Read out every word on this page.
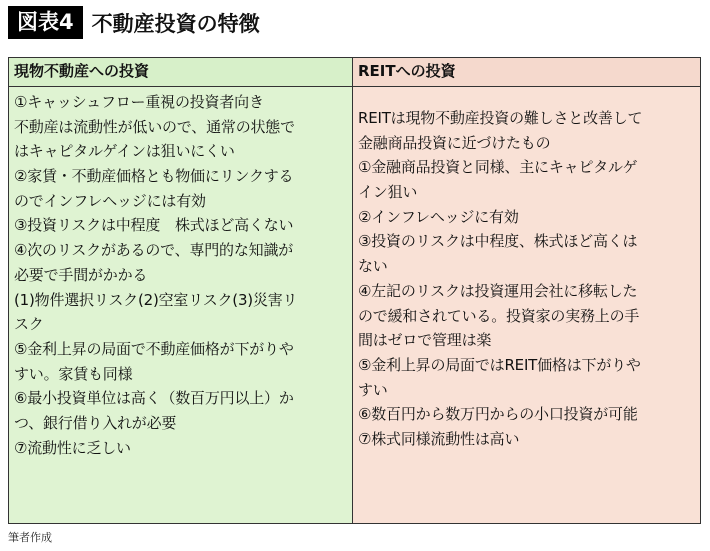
図表4 不動産投資の特徴
現物不動産への投資	REITへの投資
①キャッシュフロー重視の投資者向き
不動産は流動性が低いので、通常の状態で
はキャピタルゲインは狙いにくい
②家賃・不動産価格とも物価にリンクする
のでインフレヘッジには有効
③投資リスクは中程度　株式ほど高くない
④次のリスクがあるので、専門的な知識が
必要で手間がかかる
(1)物件選択リスク(2)空室リスク(3)災害リ
スク
⑤金利上昇の局面で不動産価格が下がりや
すい。家賃も同様
⑥最小投資単位は高く（数百万円以上）か
つ、銀行借り入れが必要
⑦流動性に乏しい
REITは現物不動産投資の難しさと改善して
金融商品投資に近づけたもの
①金融商品投資と同様、主にキャピタルゲ
イン狙い
②インフレヘッジに有効
③投資のリスクは中程度、株式ほど高くは
ない
④左記のリスクは投資運用会社に移転した
ので緩和されている。投資家の実務上の手
間はゼロで管理は楽
⑤金利上昇の局面ではREIT価格は下がりや
すい
⑥数百円から数万円からの小口投資が可能
⑦株式同様流動性は高い
筆者作成
